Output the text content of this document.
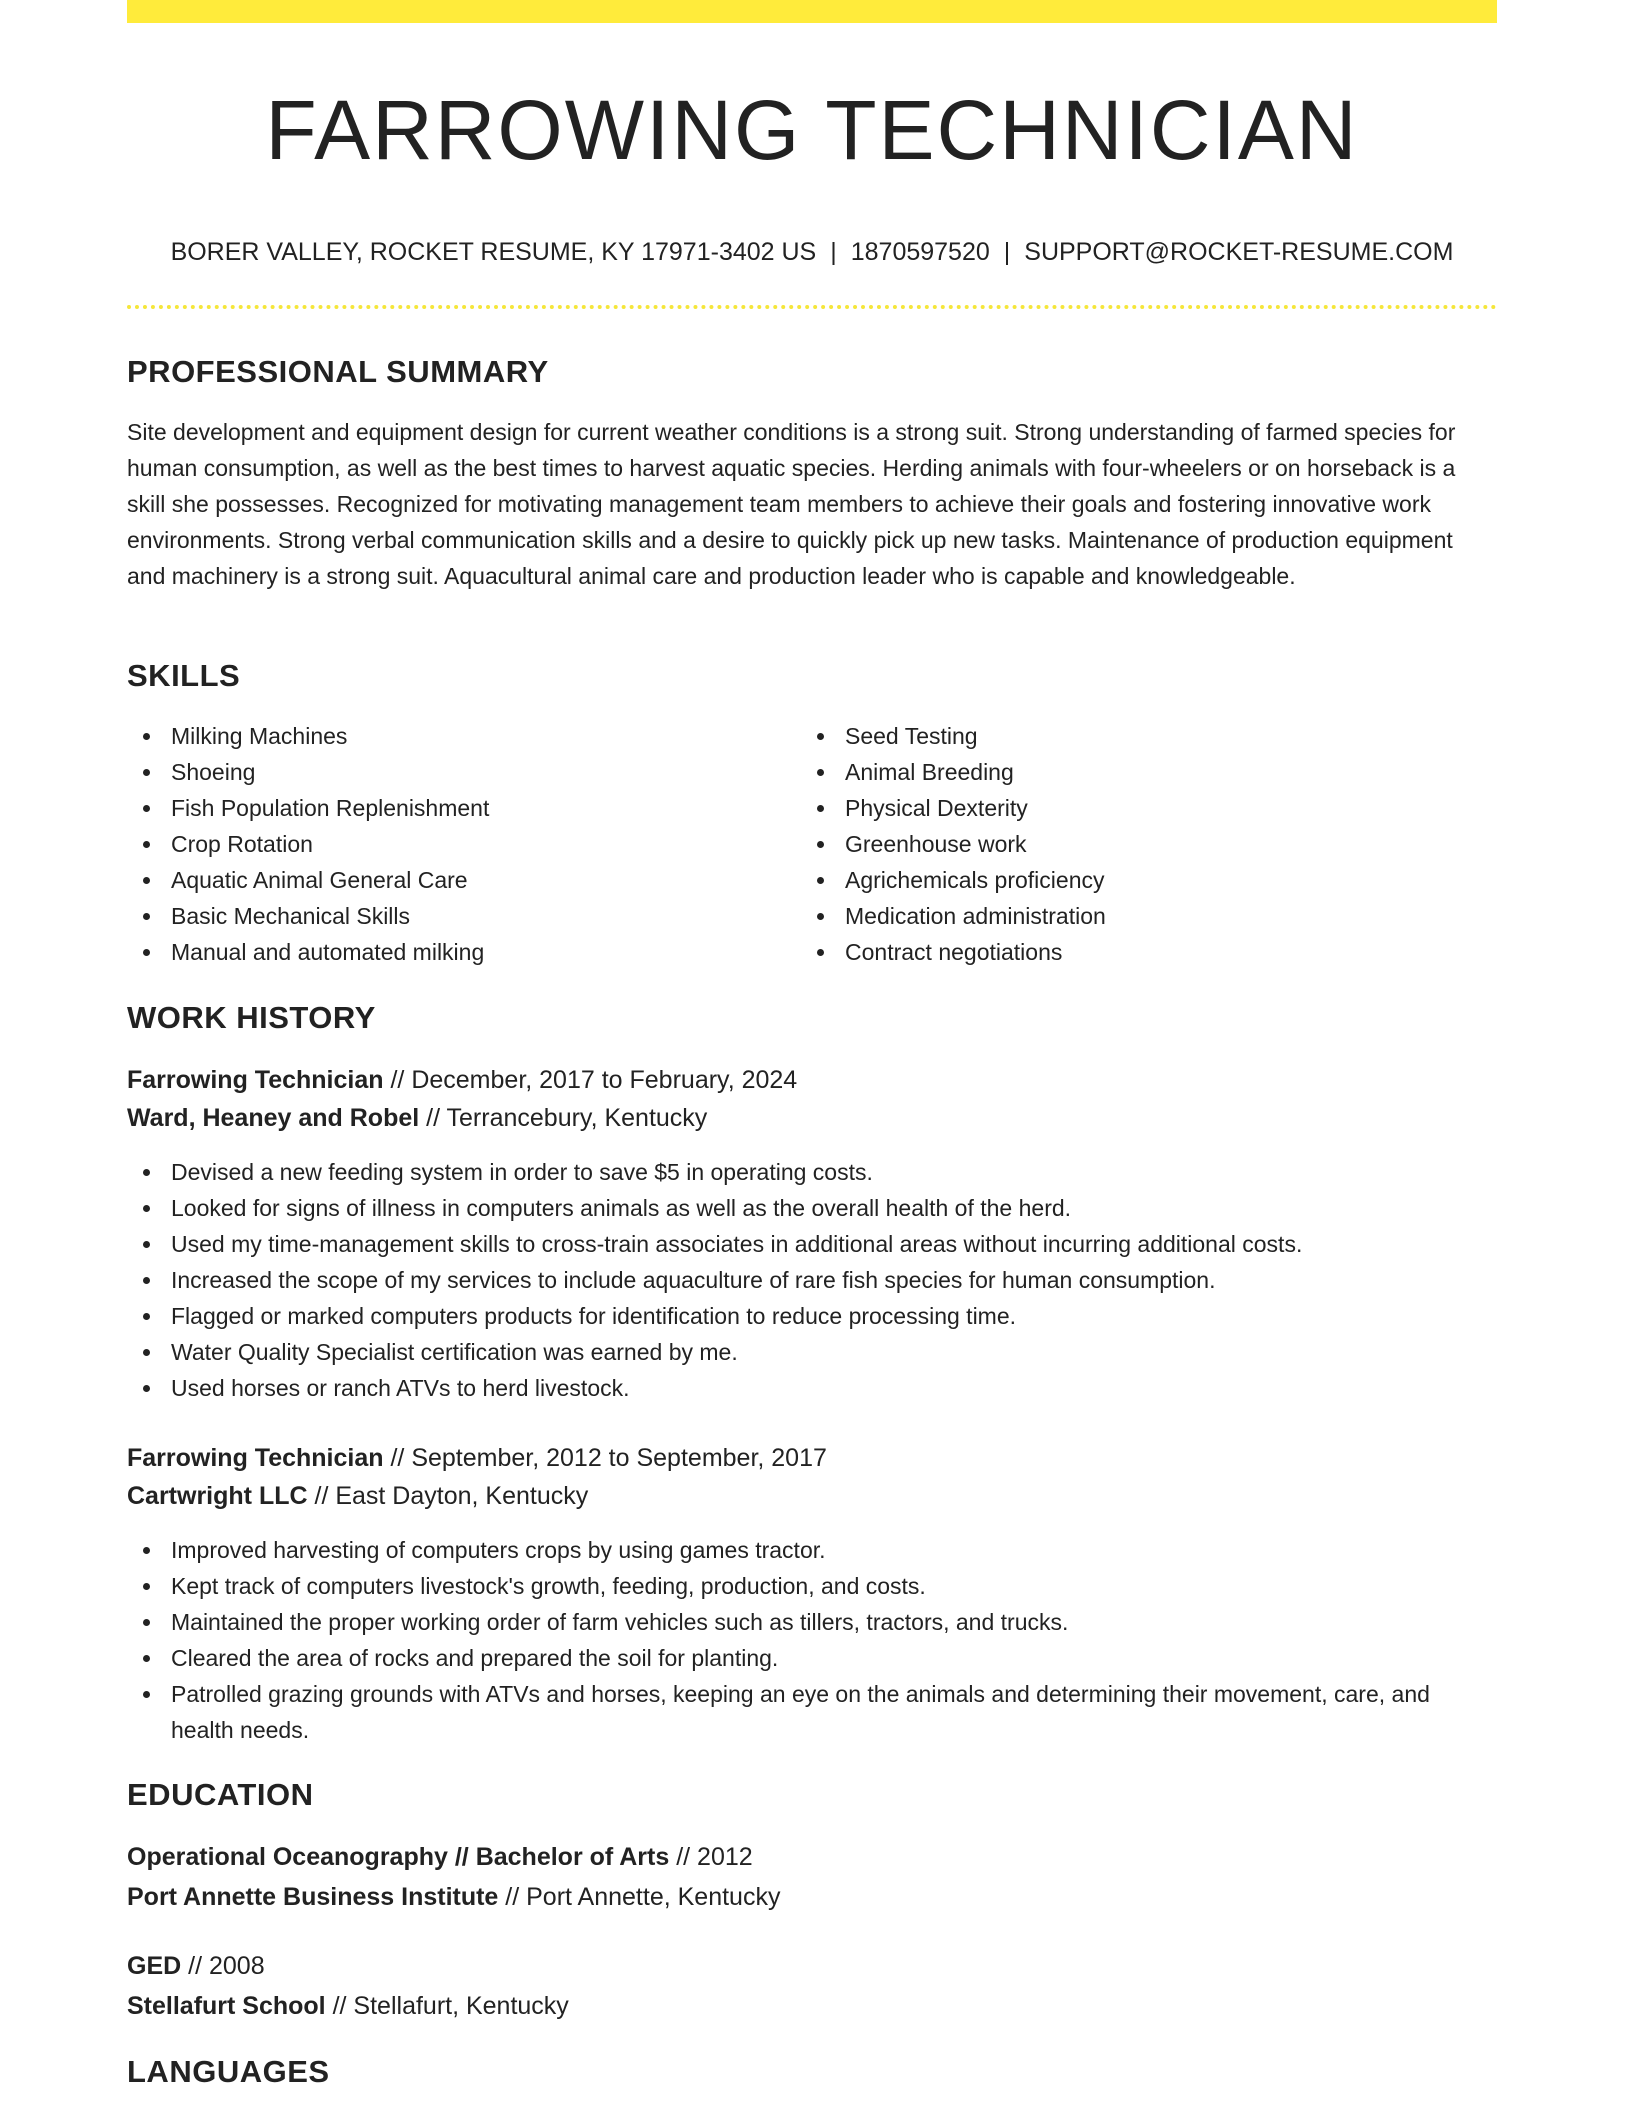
FARROWING TECHNICIAN
BORER VALLEY, ROCKET RESUME, KY 17971-3402 US | 1870597520 | SUPPORT@ROCKET-RESUME.COM
PROFESSIONAL SUMMARY

Site development and equipment design for current weather conditions is a strong suit. Strong understanding of farmed species for human consumption, as well as the best times to harvest aquatic species. Herding animals with four-wheelers or on horseback is a skill she possesses. Recognized for motivating management team members to achieve their goals and fostering innovative work environments. Strong verbal communication skills and a desire to quickly pick up new tasks. Maintenance of production equipment and machinery is a strong suit. Aquacultural animal care and production leader who is capable and knowledgeable.

SKILLS
Milking Machines
Shoeing
Fish Population Replenishment
Crop Rotation
Aquatic Animal General Care
Basic Mechanical Skills
Manual and automated milking
Seed Testing
Animal Breeding
Physical Dexterity
Greenhouse work
Agrichemicals proficiency
Medication administration
Contract negotiations
WORK HISTORY
Farrowing Technician // December, 2017 to February, 2024
Ward, Heaney and Robel // Terrancebury, Kentucky
Devised a new feeding system in order to save $5 in operating costs.
Looked for signs of illness in computers animals as well as the overall health of the herd.
Used my time-management skills to cross-train associates in additional areas without incurring additional costs.
Increased the scope of my services to include aquaculture of rare fish species for human consumption.
Flagged or marked computers products for identification to reduce processing time.
Water Quality Specialist certification was earned by me.
Used horses or ranch ATVs to herd livestock.
Farrowing Technician // September, 2012 to September, 2017
Cartwright LLC // East Dayton, Kentucky
Improved harvesting of computers crops by using games tractor.
Kept track of computers livestock's growth, feeding, production, and costs.
Maintained the proper working order of farm vehicles such as tillers, tractors, and trucks.
Cleared the area of rocks and prepared the soil for planting.
Patrolled grazing grounds with ATVs and horses, keeping an eye on the animals and determining their movement, care, and health needs.
EDUCATION
Operational Oceanography // Bachelor of Arts // 2012
Port Annette Business Institute // Port Annette, Kentucky
GED // 2008
Stellafurt School // Stellafurt, Kentucky
LANGUAGES
